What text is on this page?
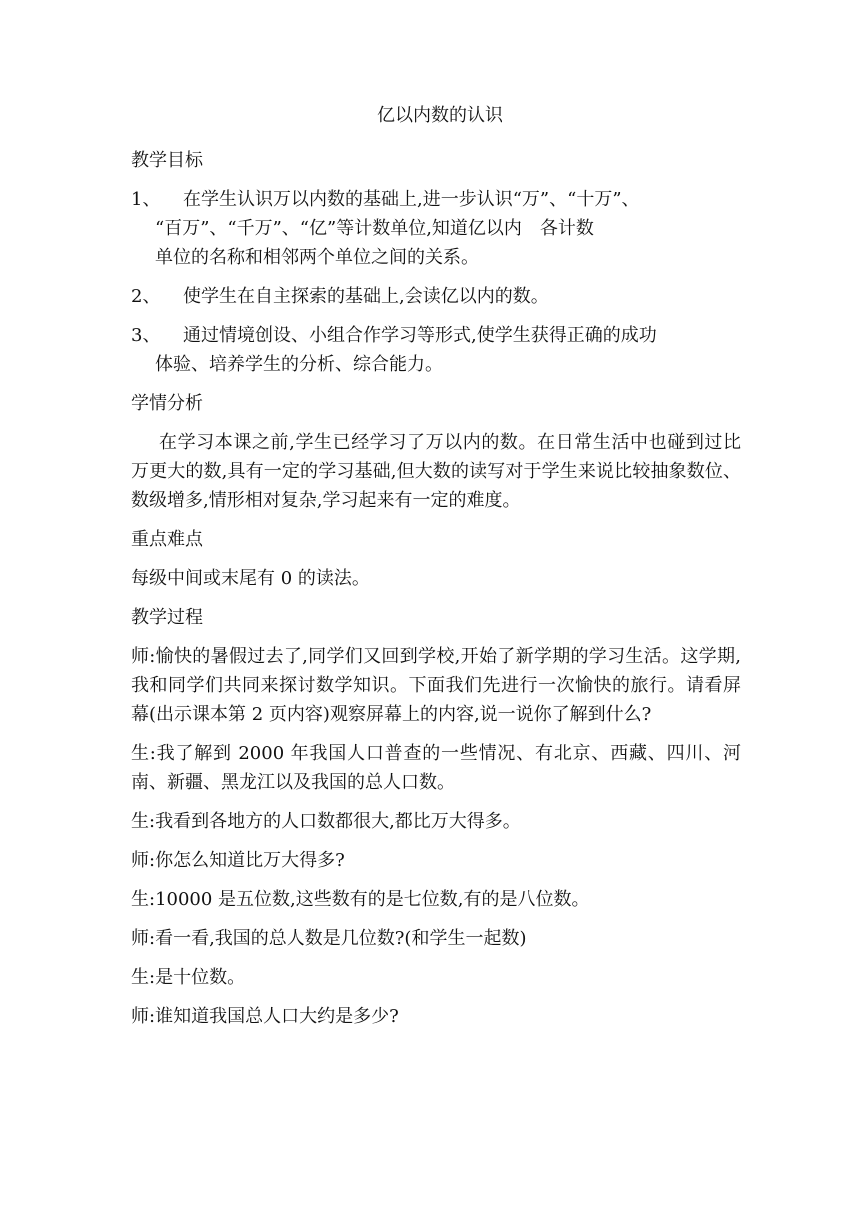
亿以内数的认识
教学目标
1、	在学生认识万以内数的基础上,进一步认识“万”、“十万”、
“百万”、“千万”、“亿”等计数单位,知道亿以内　各计数
单位的名称和相邻两个单位之间的关系。
2、	使学生在自主探索的基础上,会读亿以内的数。
3、	通过情境创设、小组合作学习等形式,使学生获得正确的成功
体验、培养学生的分析、综合能力。
学情分析

在学习本课之前,学生已经学习了万以内的数。在日常生活中也碰到过比 万更大的数,具有一定的学习基础,但大数的读写对于学生来说比较抽象数位、数级增多,情形相对复杂,学习起来有一定的难度。

重点难点

每级中间或末尾有 0 的读法。

教学过程

师:愉快的暑假过去了,同学们又回到学校,开始了新学期的学习生活。这学期,我和同学们共同来探讨数学知识。下面我们先进行一次愉快的旅行。请看屏幕(出示课本第 2 页内容)观察屏幕上的内容,说一说你了解到什么?

生:我了解到 2000 年我国人口普查的一些情况、有北京、西藏、四川、河南、新疆、黑龙江以及我国的总人口数。

生:我看到各地方的人口数都很大,都比万大得多。

师:你怎么知道比万大得多?

生:10000 是五位数,这些数有的是七位数,有的是八位数。

师:看一看,我国的总人数是几位数?(和学生一起数)

生:是十位数。

师:谁知道我国总人口大约是多少?
